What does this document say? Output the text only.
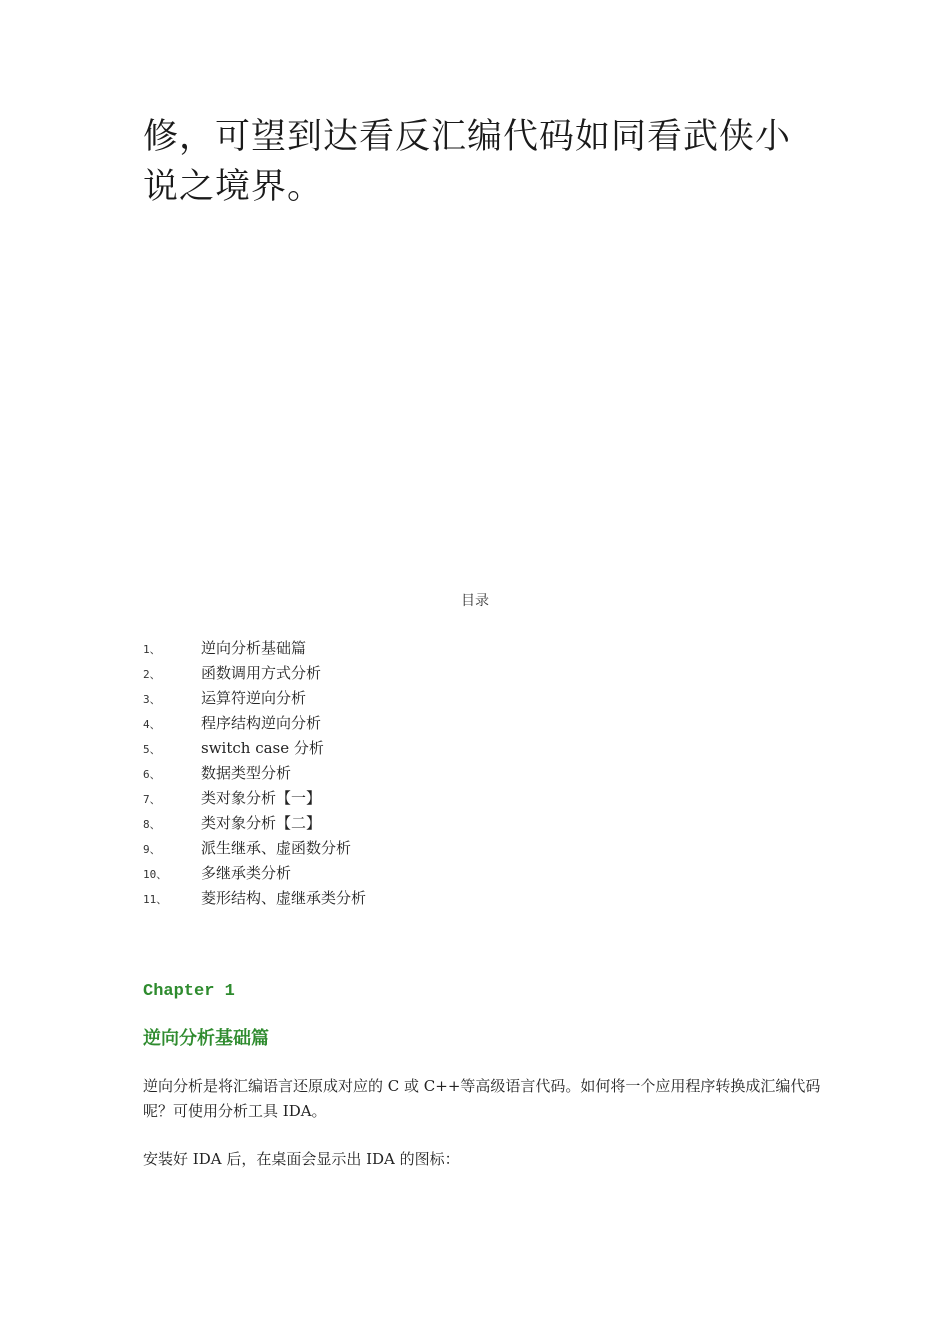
修，可望到达看反汇编代码如同看武侠小说之境界。
目录
1、	逆向分析基础篇
2、	函数调用方式分析
3、	运算符逆向分析
4、	程序结构逆向分析
5、	switch case 分析
6、	数据类型分析
7、	类对象分析【一】
8、	类对象分析【二】
9、	派生继承、虚函数分析
10、	多继承类分析
11、	菱形结构、虚继承类分析
Chapter 1
逆向分析基础篇

逆向分析是将汇编语言还原成对应的 C 或 C++等高级语言代码。如何将一个应用程序转换成汇编代码呢？可使用分析工具 IDA。

安装好 IDA 后，在桌面会显示出 IDA 的图标：
